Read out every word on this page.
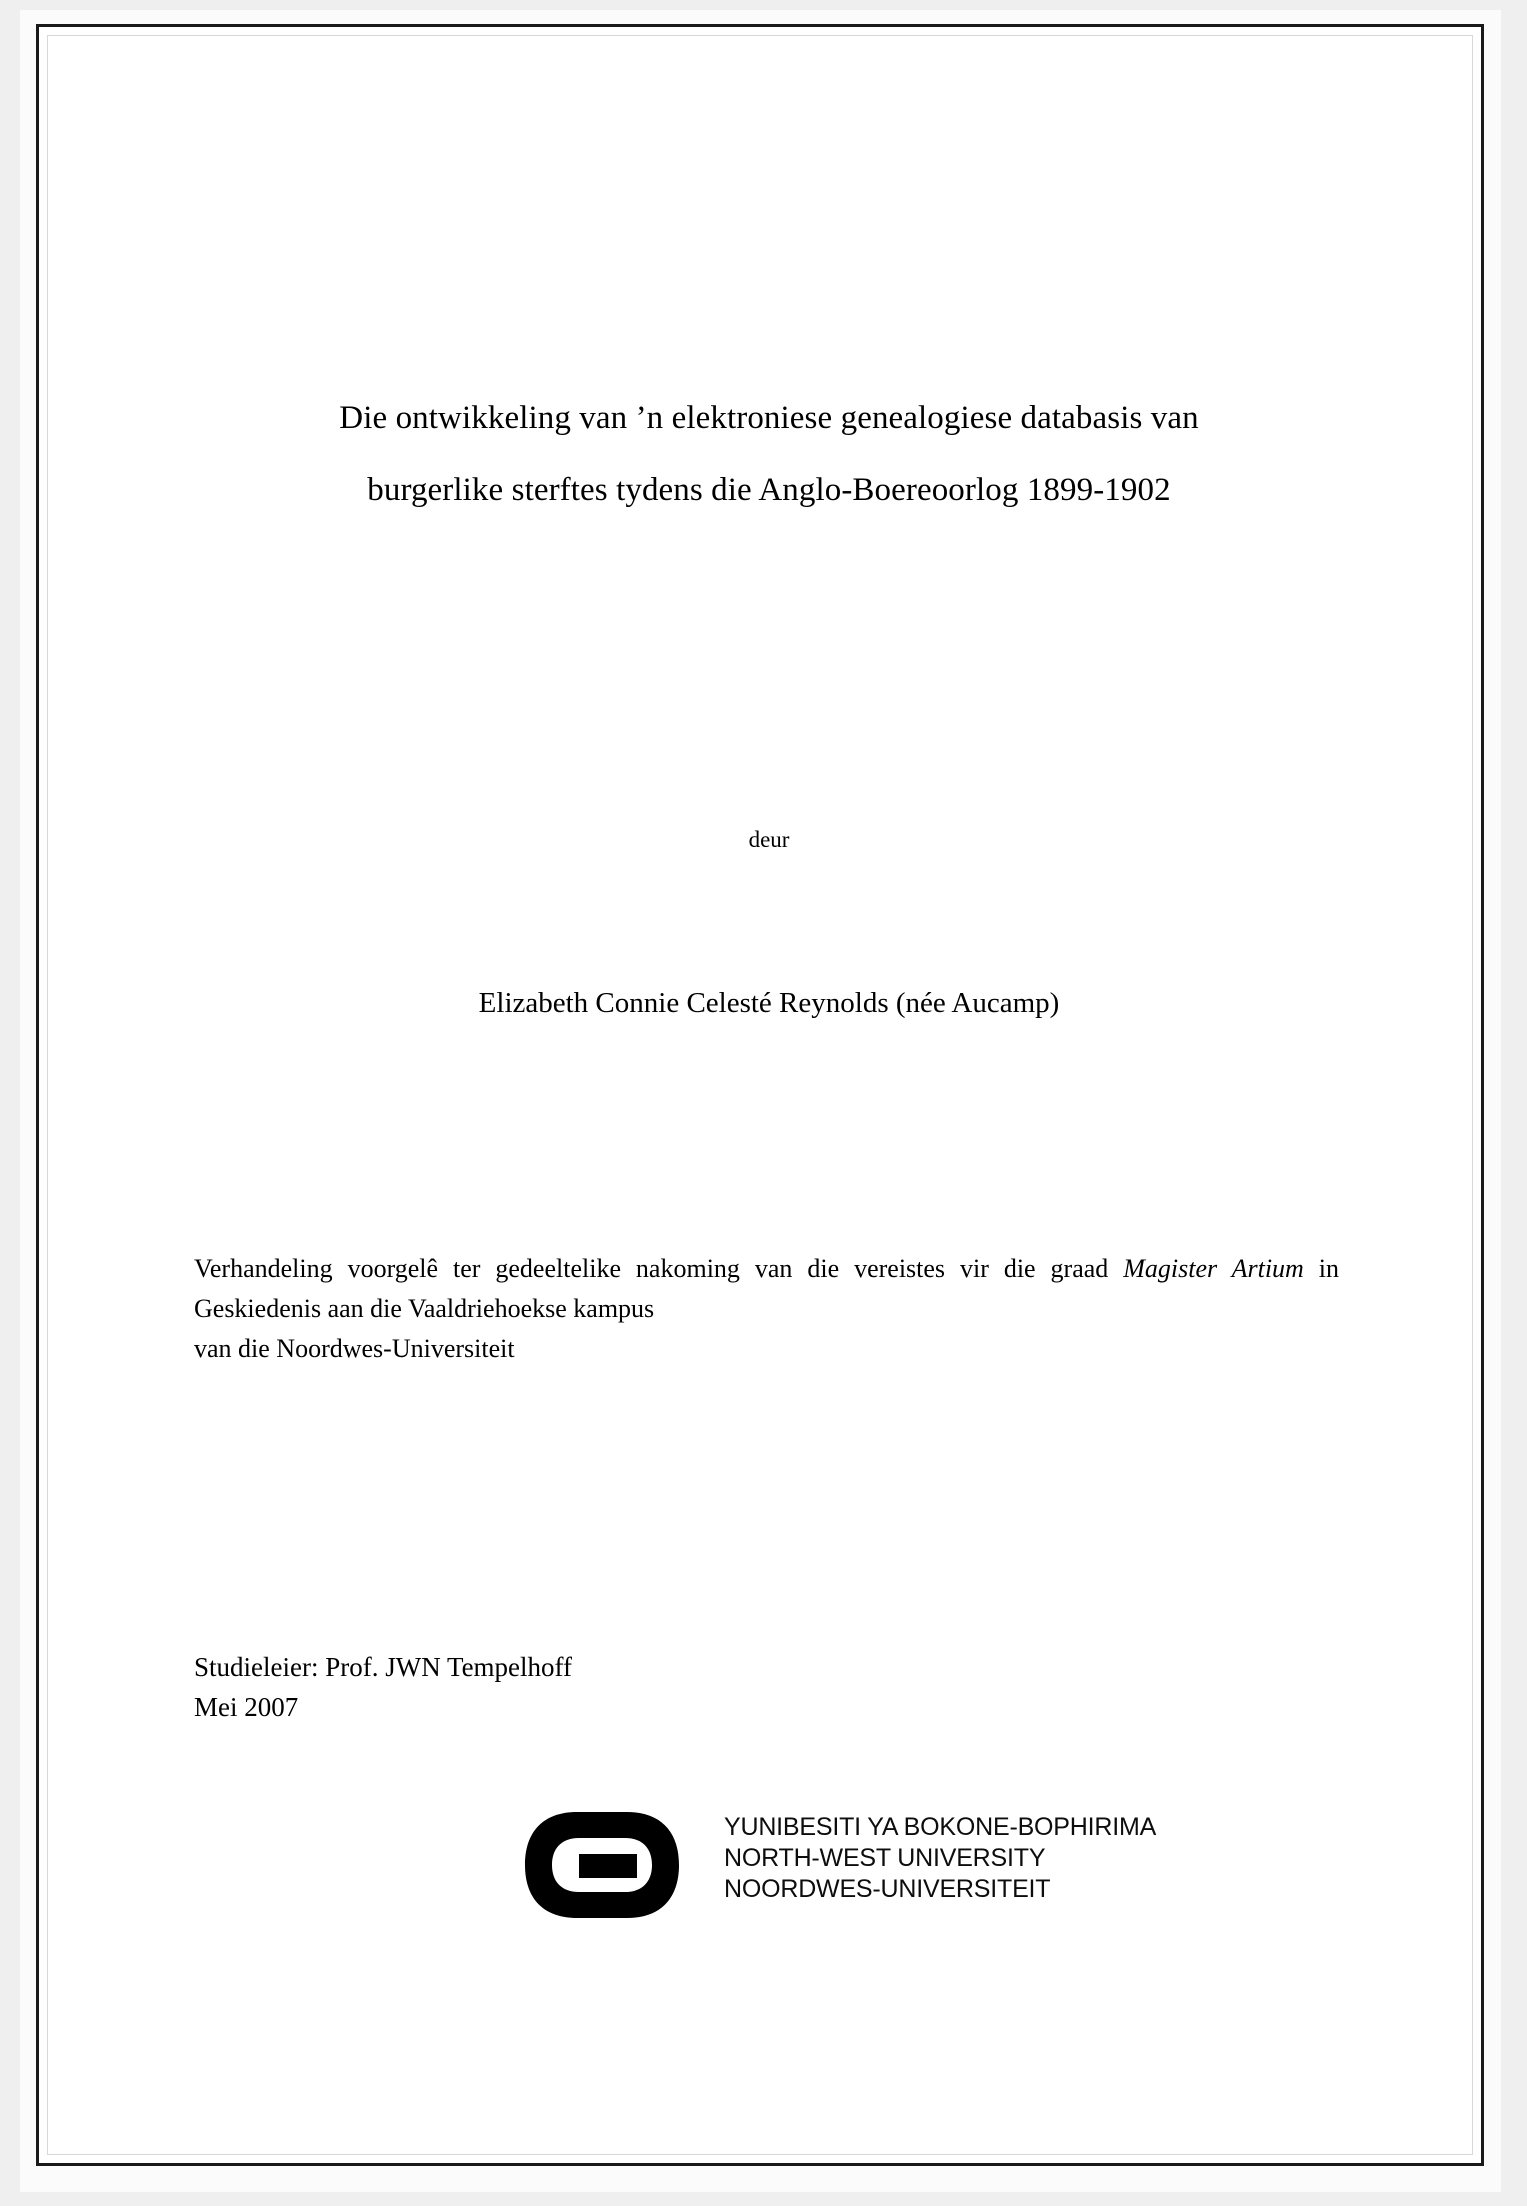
Die ontwikkeling van ’n elektroniese genealogiese databasis van
burgerlike sterftes tydens die Anglo-Boereoorlog 1899-1902
deur
Elizabeth Connie Celesté Reynolds (née Aucamp)
Verhandeling voorgelê ter gedeeltelike nakoming van die vereistes vir die graad Magister Artium in Geskiedenis aan die Vaaldriehoekse kampus
van die Noordwes-Universiteit
Studieleier: Prof. JWN Tempelhoff
Mei 2007
YUNIBESITI YA BOKONE-BOPHIRIMA
NORTH-WEST UNIVERSITY
NOORDWES-UNIVERSITEIT
